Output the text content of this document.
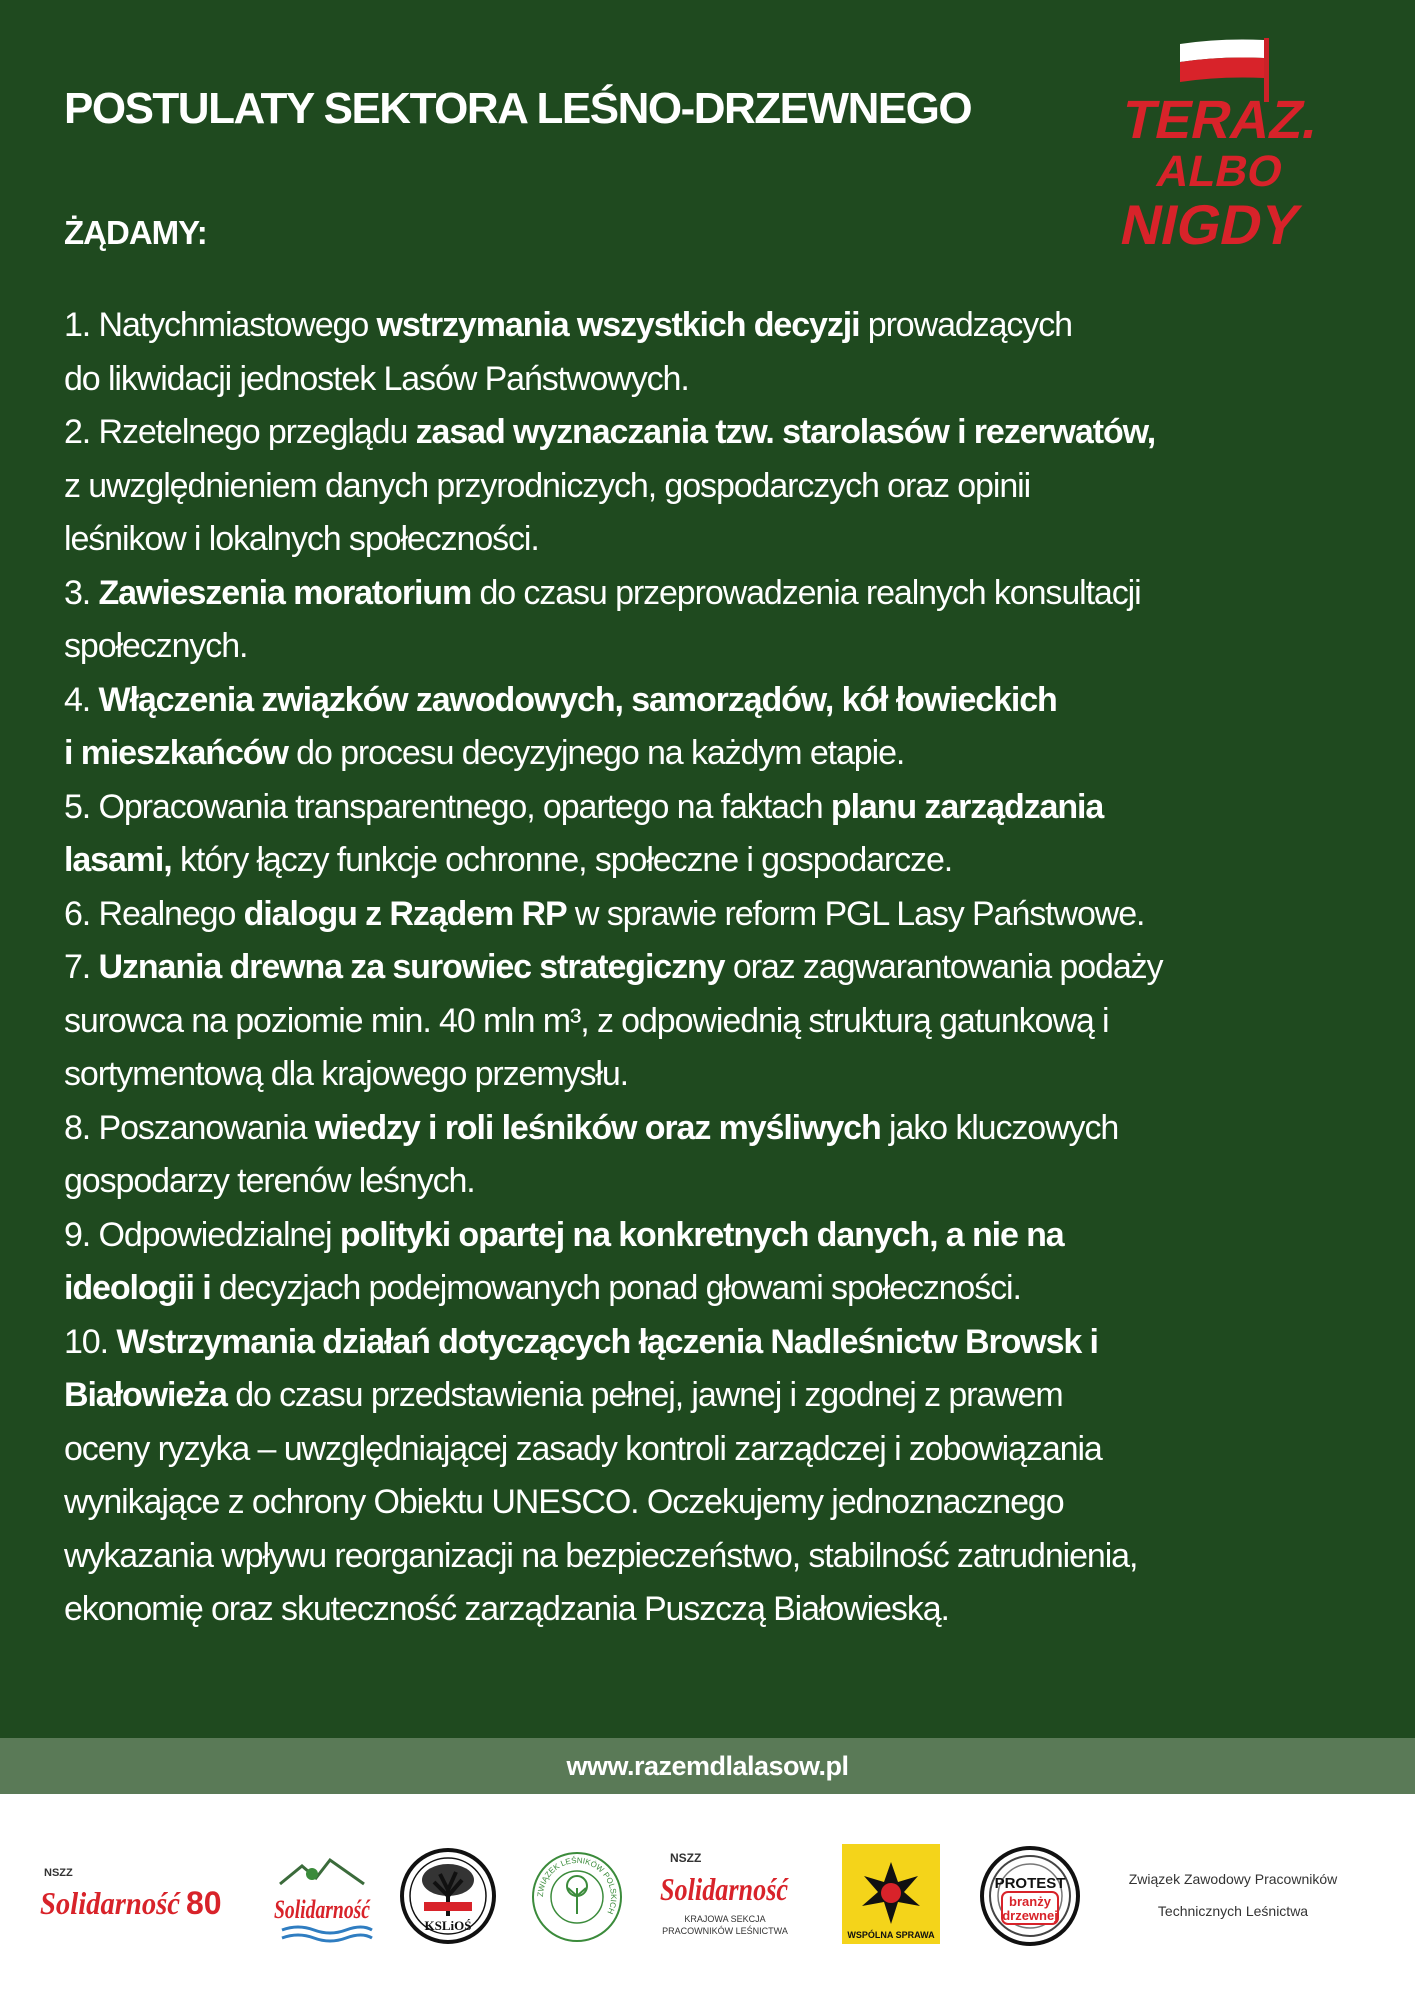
POSTULATY SEKTORA LEŚNO-DRZEWNEGO	TERAZ.
ALBO
NIGDY
ŻĄDAMY:
1. Natychmiastowego wstrzymania wszystkich decyzji prowadzących
do likwidacji jednostek Lasów Państwowych.
2. Rzetelnego przeglądu zasad wyznaczania tzw. starolasów i rezerwatów,
z uwzględnieniem danych przyrodniczych, gospodarczych oraz opinii
leśnikow i lokalnych społeczności.
3. Zawieszenia moratorium do czasu przeprowadzenia realnych konsultacji
społecznych.
4. Włączenia związków zawodowych, samorządów, kół łowieckich
i mieszkańców do procesu decyzyjnego na każdym etapie.
5. Opracowania transparentnego, opartego na faktach planu zarządzania
lasami, który łączy funkcje ochronne, społeczne i gospodarcze.
6. Realnego dialogu z Rządem RP w sprawie reform PGL Lasy Państwowe.
7. Uznania drewna za surowiec strategiczny oraz zagwarantowania podaży
surowca na poziomie min. 40 mln m³, z odpowiednią strukturą gatunkową i
sortymentową dla krajowego przemysłu.
8. Poszanowania wiedzy i roli leśników oraz myśliwych jako kluczowych
gospodarzy terenów leśnych.
9. Odpowiedzialnej polityki opartej na konkretnych danych, a nie na
ideologii i decyzjach podejmowanych ponad głowami społeczności.
10. Wstrzymania działań dotyczących łączenia Nadleśnictw Browsk i
Białowieża do czasu przedstawienia pełnej, jawnej i zgodnej z prawem
oceny ryzyka – uwzględniającej zasady kontroli zarządczej i zobowiązania
wynikające z ochrony Obiektu UNESCO. Oczekujemy jednoznacznego
wykazania wpływu reorganizacji na bezpieczeństwo, stabilność zatrudnienia,
ekonomię oraz skuteczność zarządzania Puszczą Białowieską.
www.razemdlalasow.pl
NSZZ
Solidarność 80 Solidarność
KSLiOŚ
ZWIĄZEK LEŚNIKÓW POLSKICH
NSZZ
Solidarność
KRAJOWA SEKCJA
PRACOWNIKÓW LEŚNICTWA	WSPÓLNA SPRAWA
PROTEST
branży
drzewnej
Związek Zawodowy Pracowników
Technicznych Leśnictwa
